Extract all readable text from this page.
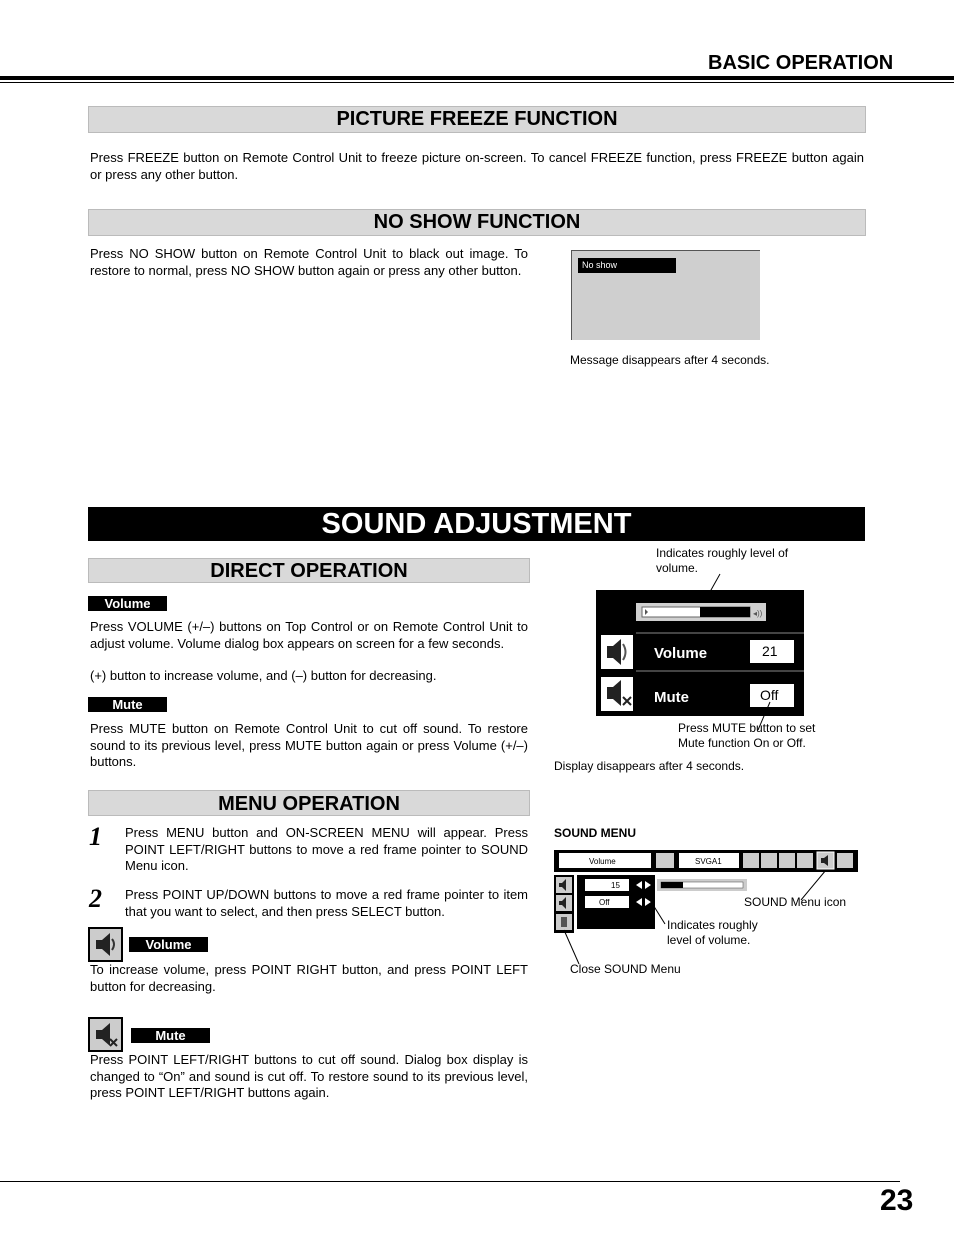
BASIC OPERATION
PICTURE FREEZE FUNCTION
Press FREEZE button on Remote Control Unit to freeze picture on-screen. To cancel FREEZE function, press FREEZE button again or press any other button.
NO SHOW FUNCTION
Press NO SHOW button on Remote Control Unit to black out image. To restore to normal, press NO SHOW button again or press any other button.	No show
Message disappears after 4 seconds.
SOUND ADJUSTMENT
DIRECT OPERATION
Volume
Press VOLUME (+/–) buttons on Top Control or on Remote Control Unit to adjust volume. Volume dialog box appears on screen for a few seconds.
(+) button to increase volume, and (–) button for decreasing.
Mute
Press MUTE button on Remote Control Unit to cut off sound. To restore sound to its previous level, press MUTE button again or press Volume (+/–) buttons.
Indicates roughly level of volume.
◂))
Volume	21
Mute	Off
Press MUTE button to set Mute function On or Off.
Display disappears after 4 seconds.
MENU OPERATION
1 Press MENU button and ON-SCREEN MENU will appear. Press POINT LEFT/RIGHT buttons to move a red frame pointer to SOUND Menu icon.
2 Press POINT UP/DOWN buttons to move a red frame pointer to item that you want to select, and then press SELECT button.
Volume
To increase volume, press POINT RIGHT button, and press POINT LEFT button for decreasing.
Mute
Press POINT LEFT/RIGHT buttons to cut off sound. Dialog box display is changed to “On” and sound is cut off. To restore sound to its previous level, press POINT LEFT/RIGHT buttons again.
SOUND MENU
Volume	SVGA1
15
Off	SOUND Menu icon
Indicates roughly level of volume.
Close SOUND Menu
23
